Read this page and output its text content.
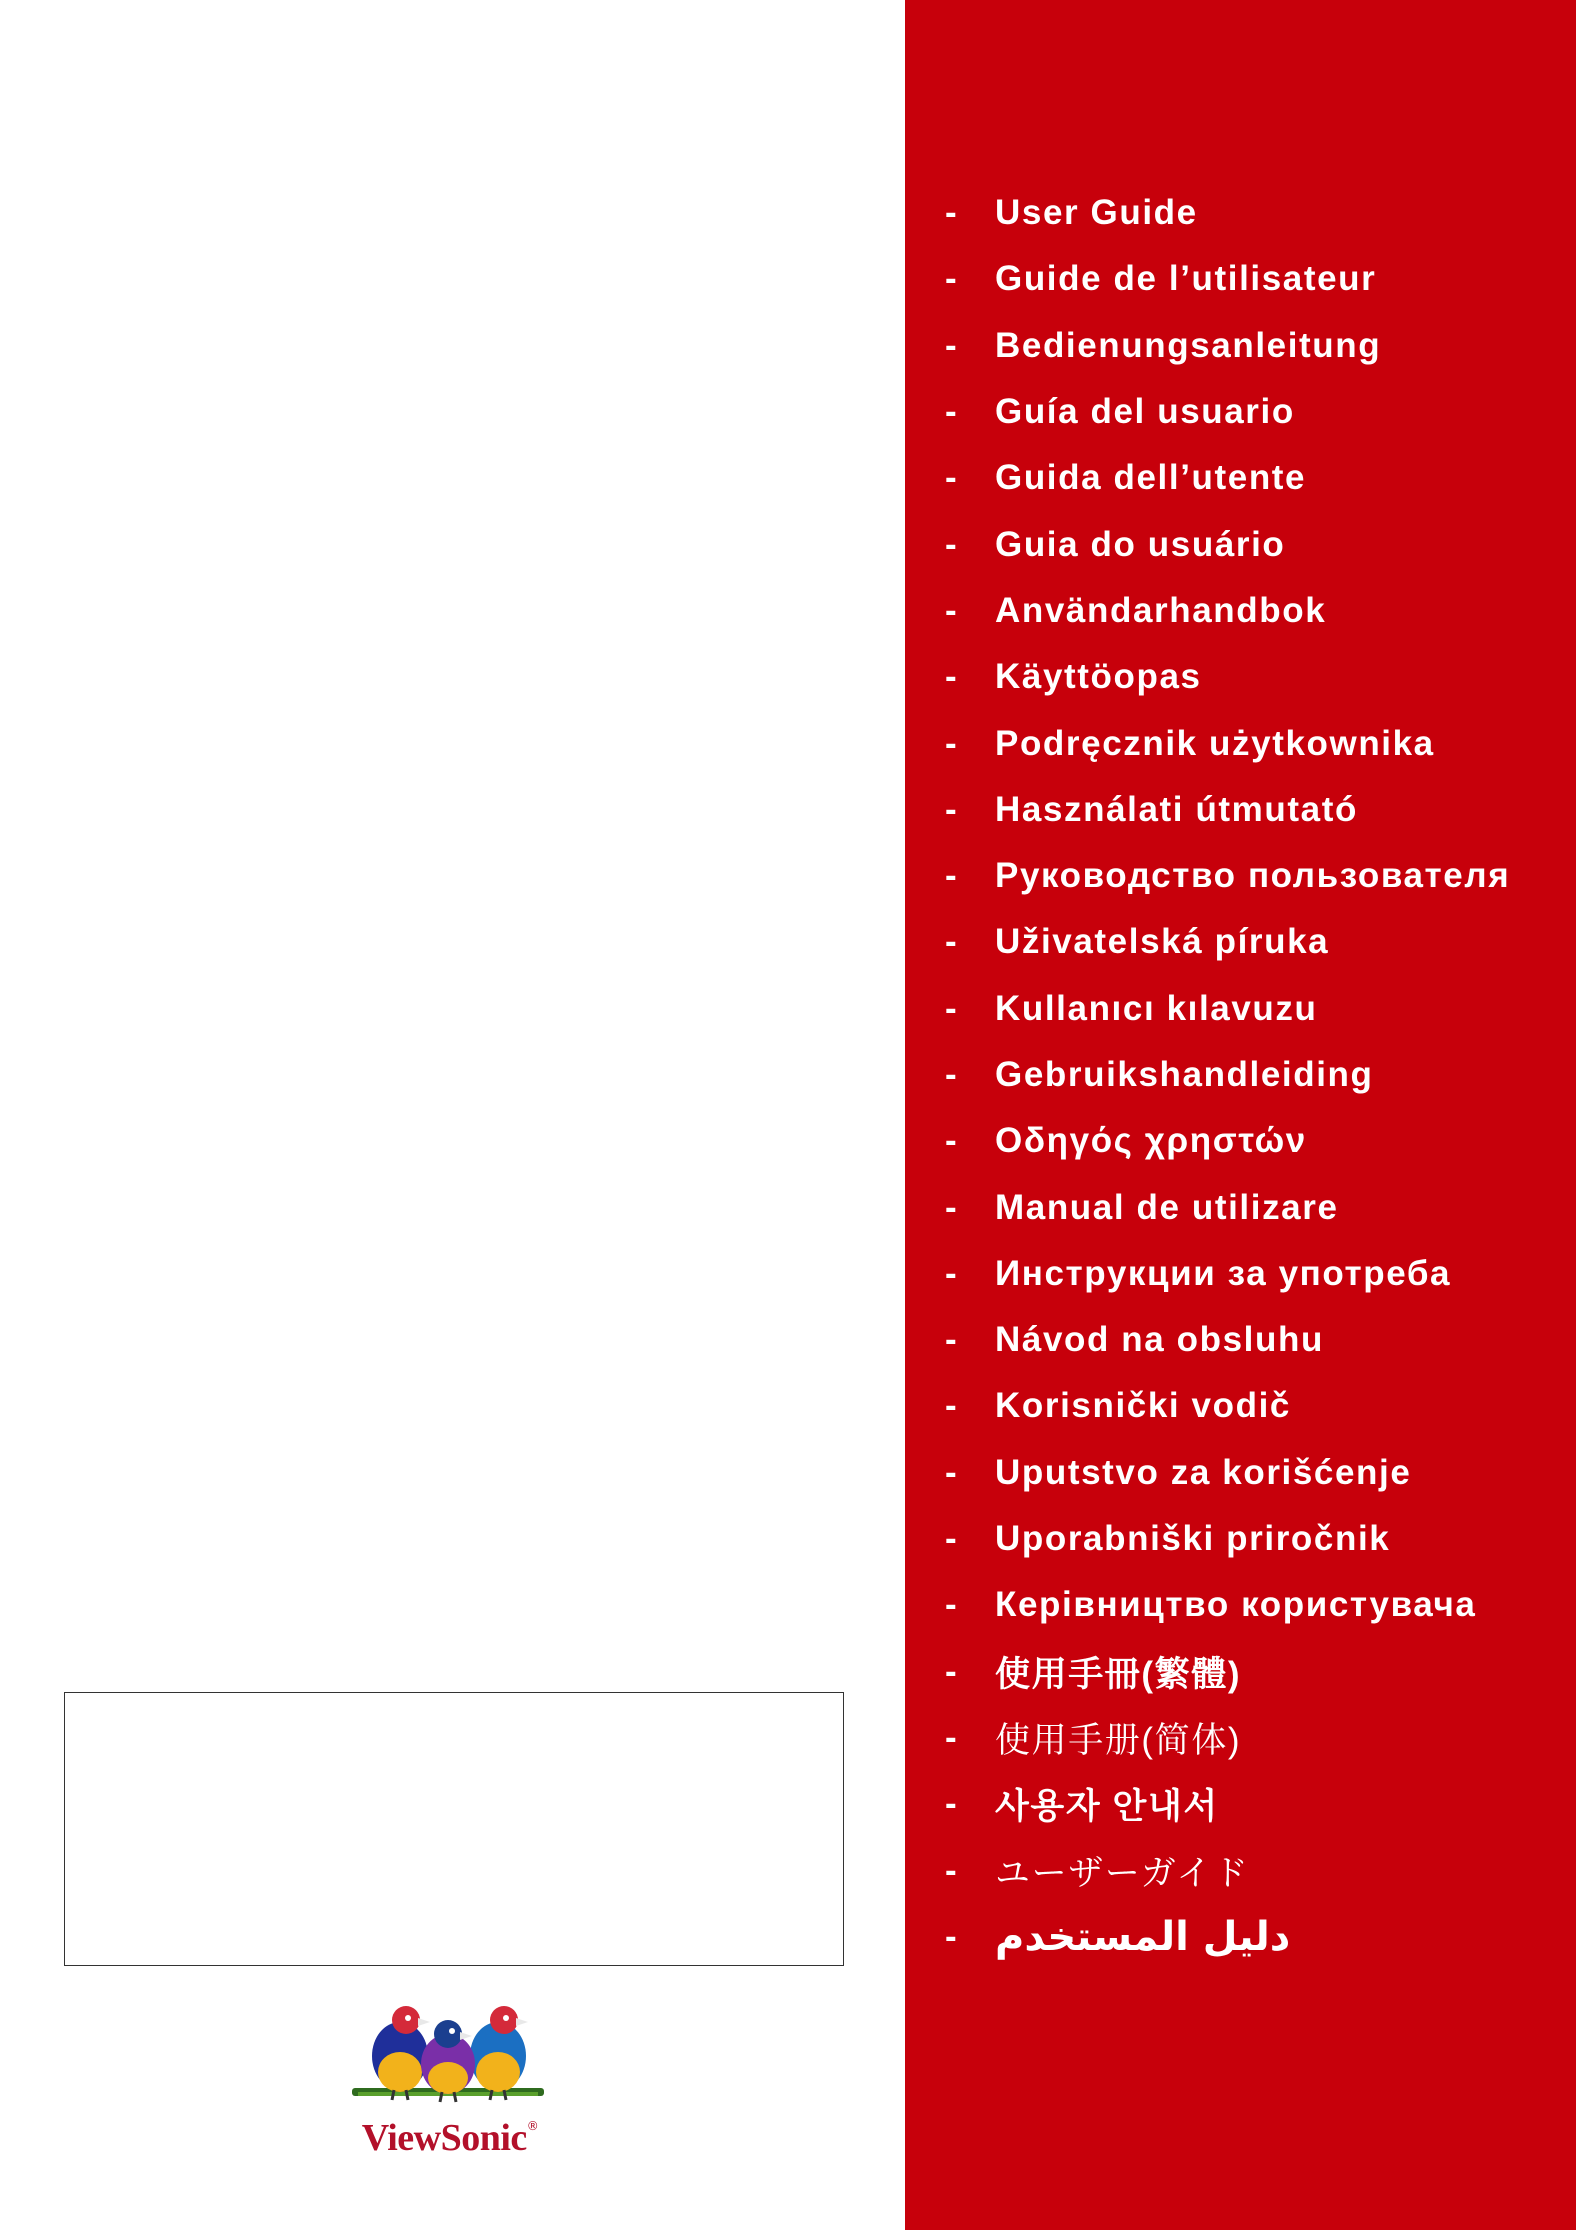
ViewSonic®
-	User Guide
-	Guide de l’utilisateur
-	Bedienungsanleitung
-	Guía del usuario
-	Guida dell’utente
-	Guia do usuário
-	Användarhandbok
-	Käyttöopas
-	Podręcznik użytkownika
-	Használati útmutató
-	Руководство пользователя
-	Uživatelská píruka
-	Kullanıcı kılavuzu
-	Gebruikshandleiding
-	Οδηγός χρηστών
-	Manual de utilizare
-	Инструкции за употреба
-	Návod na obsluhu
-	Korisnički vodič
-	Uputstvo za korišćenje
-	Uporabniški priročnik
-	Керівництво користувача
-	使用手冊(繁體)
-	使用手册(简体)
-	사용자 안내서
-	ユーザーガイド
- دليل المستخدم
